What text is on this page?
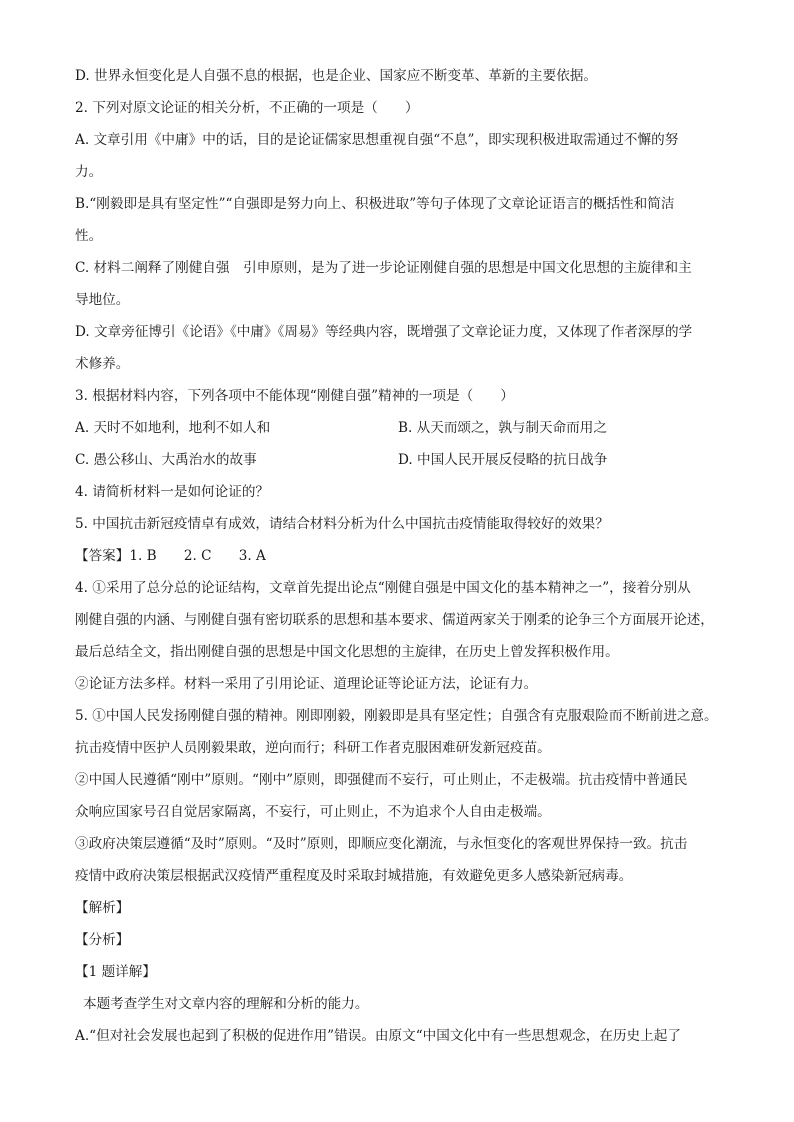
D. 世界永恒变化是人自强不息的根据，也是企业、国家应不断变革、革新的主要依据。
2. 下列对原文论证的相关分析，不正确的一项是（　　）
A. 文章引用《中庸》中的话，目的是论证儒家思想重视自强“不息”，即实现积极进取需通过不懈的努
力。
B.“刚毅即是具有坚定性”“自强即是努力向上、积极进取”等句子体现了文章论证语言的概括性和简洁
性。
C. 材料二阐释了刚健自强　引申原则，是为了进一步论证刚健自强的思想是中国文化思想的主旋律和主
导地位。
D. 文章旁征博引《论语》《中庸》《周易》等经典内容，既增强了文章论证力度，又体现了作者深厚的学
术修养。
3. 根据材料内容，下列各项中不能体现“刚健自强”精神的一项是（　　）
A. 天时不如地利，地利不如人和	B. 从天而颂之，孰与制天命而用之
C. 愚公移山、大禹治水的故事	D. 中国人民开展反侵略的抗日战争
4. 请简析材料一是如何论证的？
5. 中国抗击新冠疫情卓有成效，请结合材料分析为什么中国抗击疫情能取得较好的效果？
【答案】1. B　　2. C　　3. A
4. ①采用了总分总的论证结构，文章首先提出论点“刚健自强是中国文化的基本精神之一”，接着分别从
刚健自强的内涵、与刚健自强有密切联系的思想和基本要求、儒道两家关于刚柔的论争三个方面展开论述，
最后总结全文，指出刚健自强的思想是中国文化思想的主旋律，在历史上曾发挥积极作用。
②论证方法多样。材料一采用了引用论证、道理论证等论证方法，论证有力。
5. ①中国人民发扬刚健自强的精神。刚即刚毅，刚毅即是具有坚定性；自强含有克服艰险而不断前进之意。
抗击疫情中医护人员刚毅果敢，逆向而行；科研工作者克服困难研发新冠疫苗。
②中国人民遵循“刚中”原则。“刚中”原则，即强健而不妄行，可止则止，不走极端。抗击疫情中普通民
众响应国家号召自觉居家隔离，不妄行，可止则止，不为追求个人自由走极端。
③政府决策层遵循“及时”原则。“及时”原则，即顺应变化潮流，与永恒变化的客观世界保持一致。抗击
疫情中政府决策层根据武汉疫情严重程度及时采取封城措施，有效避免更多人感染新冠病毒。
【解析】
【分析】
【1 题详解】
本题考查学生对文章内容的理解和分析的能力。
A.“但对社会发展也起到了积极的促进作用”错误。由原文“中国文化中有一些思想观念，在历史上起了
